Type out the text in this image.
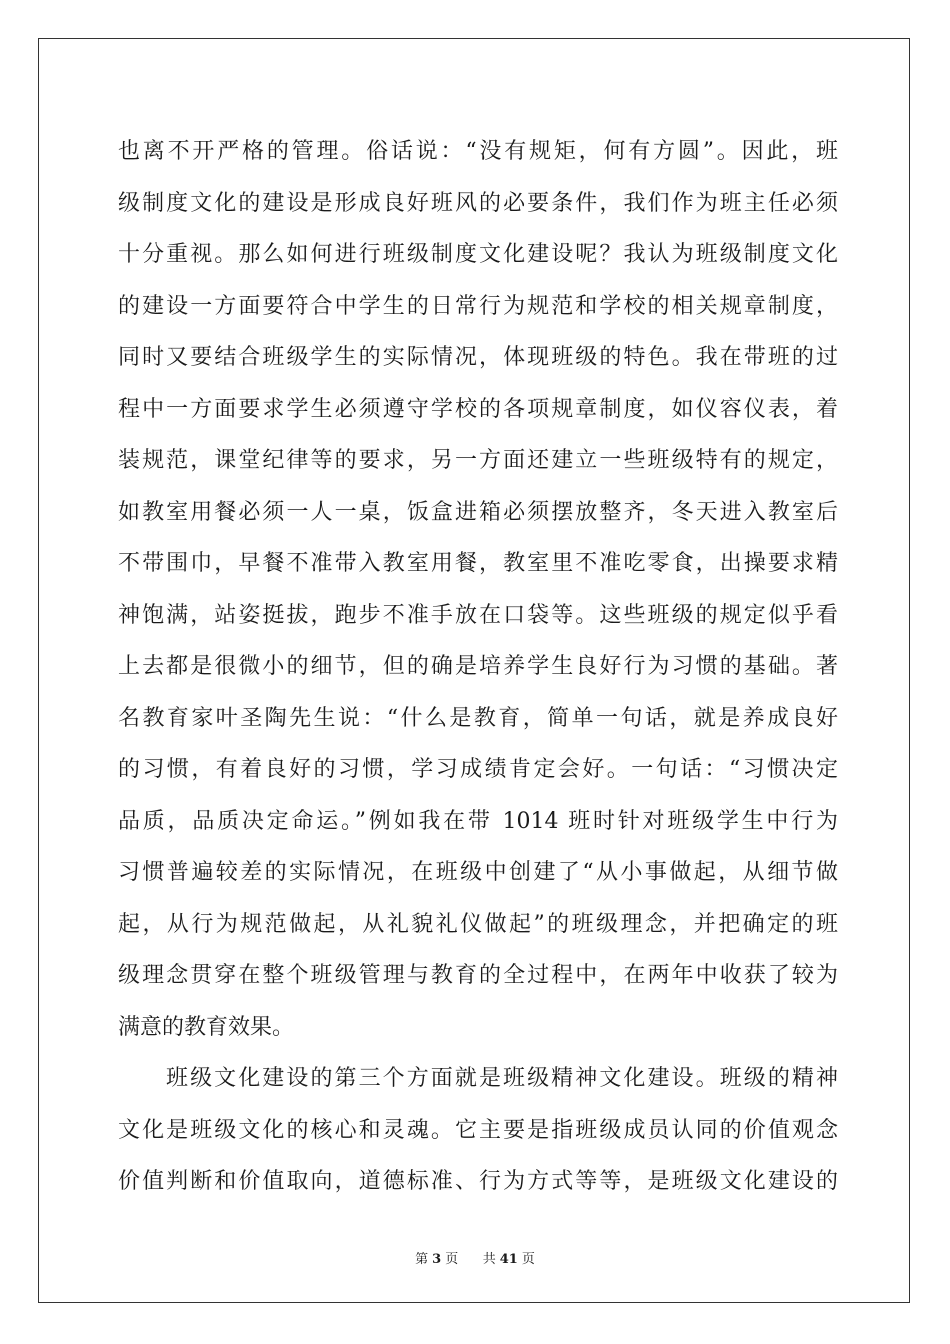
也离不开严格的管理。俗话说：“没有规矩，何有方圆”。因此，班
级制度文化的建设是形成良好班风的必要条件，我们作为班主任必须
十分重视。那么如何进行班级制度文化建设呢？我认为班级制度文化
的建设一方面要符合中学生的日常行为规范和学校的相关规章制度，
同时又要结合班级学生的实际情况，体现班级的特色。我在带班的过
程中一方面要求学生必须遵守学校的各项规章制度，如仪容仪表，着
装规范，课堂纪律等的要求，另一方面还建立一些班级特有的规定，
如教室用餐必须一人一桌，饭盒进箱必须摆放整齐，冬天进入教室后
不带围巾，早餐不准带入教室用餐，教室里不准吃零食，出操要求精
神饱满，站姿挺拔，跑步不准手放在口袋等。这些班级的规定似乎看
上去都是很微小的细节，但的确是培养学生良好行为习惯的基础。著
名教育家叶圣陶先生说：“什么是教育，简单一句话，就是养成良好
的习惯，有着良好的习惯，学习成绩肯定会好。一句话：“习惯决定
品质，品质决定命运。”例如我在带 1014 班时针对班级学生中行为
习惯普遍较差的实际情况，在班级中创建了“从小事做起，从细节做
起，从行为规范做起，从礼貌礼仪做起”的班级理念，并把确定的班
级理念贯穿在整个班级管理与教育的全过程中，在两年中收获了较为
满意的教育效果。
班级文化建设的第三个方面就是班级精神文化建设。班级的精神
文化是班级文化的核心和灵魂。它主要是指班级成员认同的价值观念
价值判断和价值取向，道德标准、行为方式等等，是班级文化建设的
第 3 页 共 41 页
